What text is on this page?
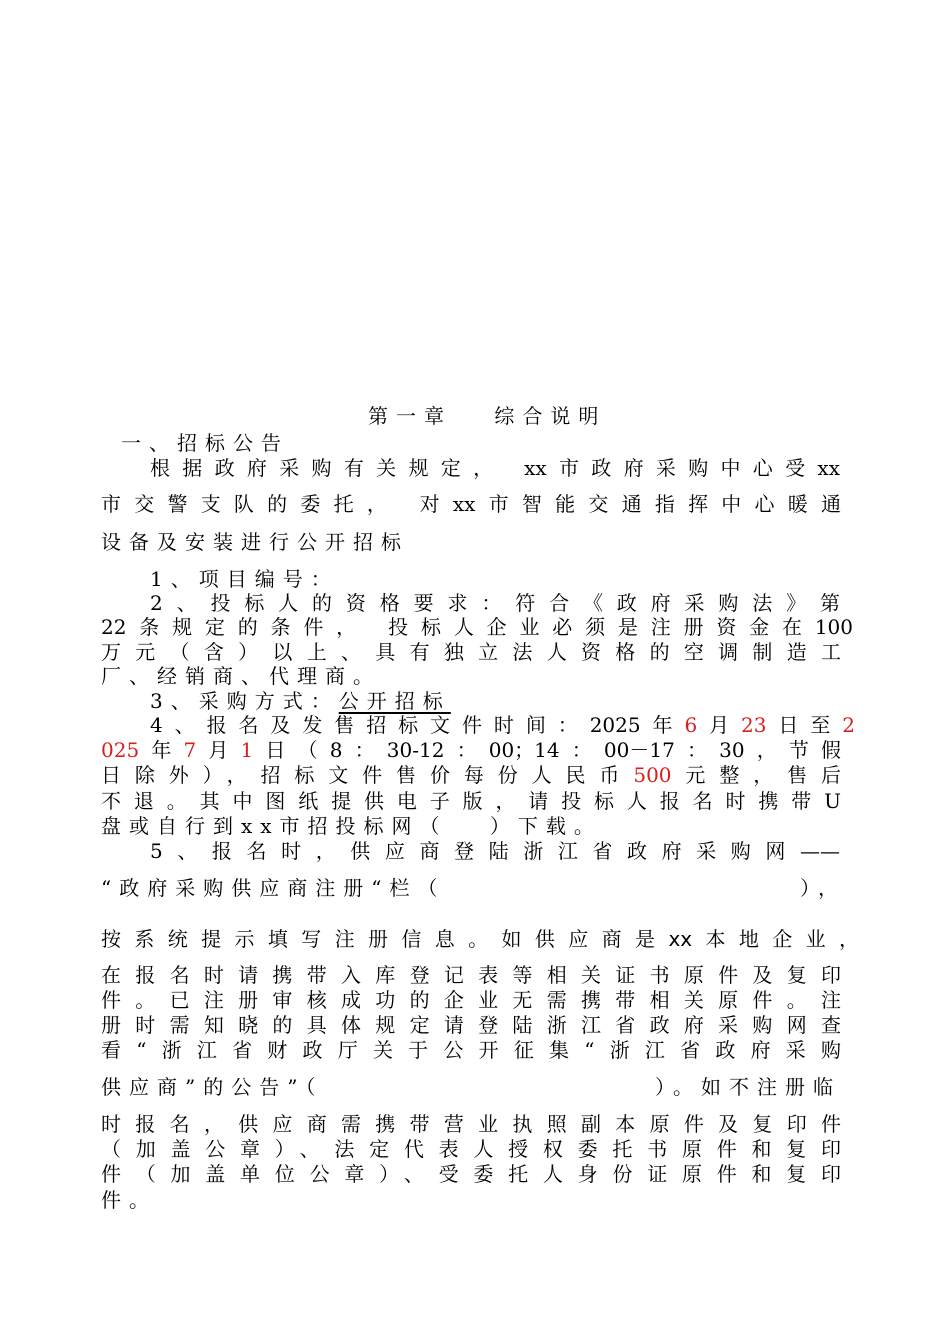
第一章　 综合说明
一、招标公告
根据政府采购有关规定， xx市政府采购中心受xx
市交警支队的委托， 对xx市智能交通指挥中心暖通
设备及安装进行公开招标
1、项目编号：
2、投标人的资格要求：符合《政府采购法》第
22条规定的条件， 投标人企业必须是注册资金在100
万元（含）以上、具有独立法人资格的空调制造工
厂、经销商、代理商。
3、采购方式：公开招标
4、报名及发售招标文件时间：2025年6月23日至2
025年7月1日（8：30-12：00；14：00－17：30，节假
日除外），招标文件售价每份人民币500元整，售后
不退。其中图纸提供电子版，请投标人报名时携带U
盘或自行到xx市招投标网（　 ）下载。
5、报名时，供应商登陆浙江省政府采购网——
“政府采购供应商注册“栏（	），
按系统提示填写注册信息。如供应商是xx本地企业，
在报名时请携带入库登记表等相关证书原件及复印
件。已注册审核成功的企业无需携带相关原件。注
册时需知晓的具体规定请登陆浙江省政府采购网查
看“浙江省财政厅关于公开征集“浙江省政府采购
供应商”的公告”（	）。如不注册临
时报名，供应商需携带营业执照副本原件及复印件
（加盖公章）、法定代表人授权委托书原件和复印
件（加盖单位公章）、受委托人身份证原件和复印
件。
